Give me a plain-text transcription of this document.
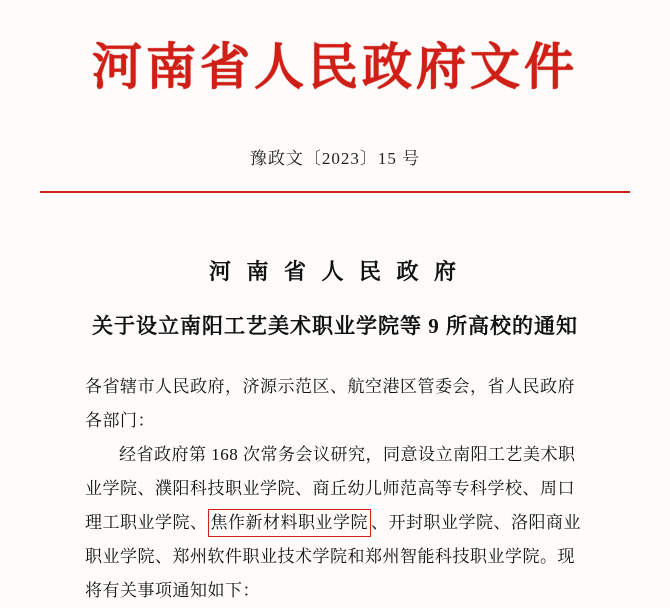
河南省人民政府文件
豫政文〔2023〕15 号
河 南 省 人 民 政 府
关于设立南阳工艺美术职业学院等 9 所高校的通知

各省辖市人民政府，济源示范区、航空港区管委会，省人民政府

各部门：

经省政府第 168 次常务会议研究，同意设立南阳工艺美术职

业学院、濮阳科技职业学院、商丘幼儿师范高等专科学校、周口

理工职业学院、 焦作新材料职业学院 、开封职业学院、洛阳商业

职业学院、郑州软件职业技术学院和郑州智能科技职业学院。现

将有关事项通知如下：
